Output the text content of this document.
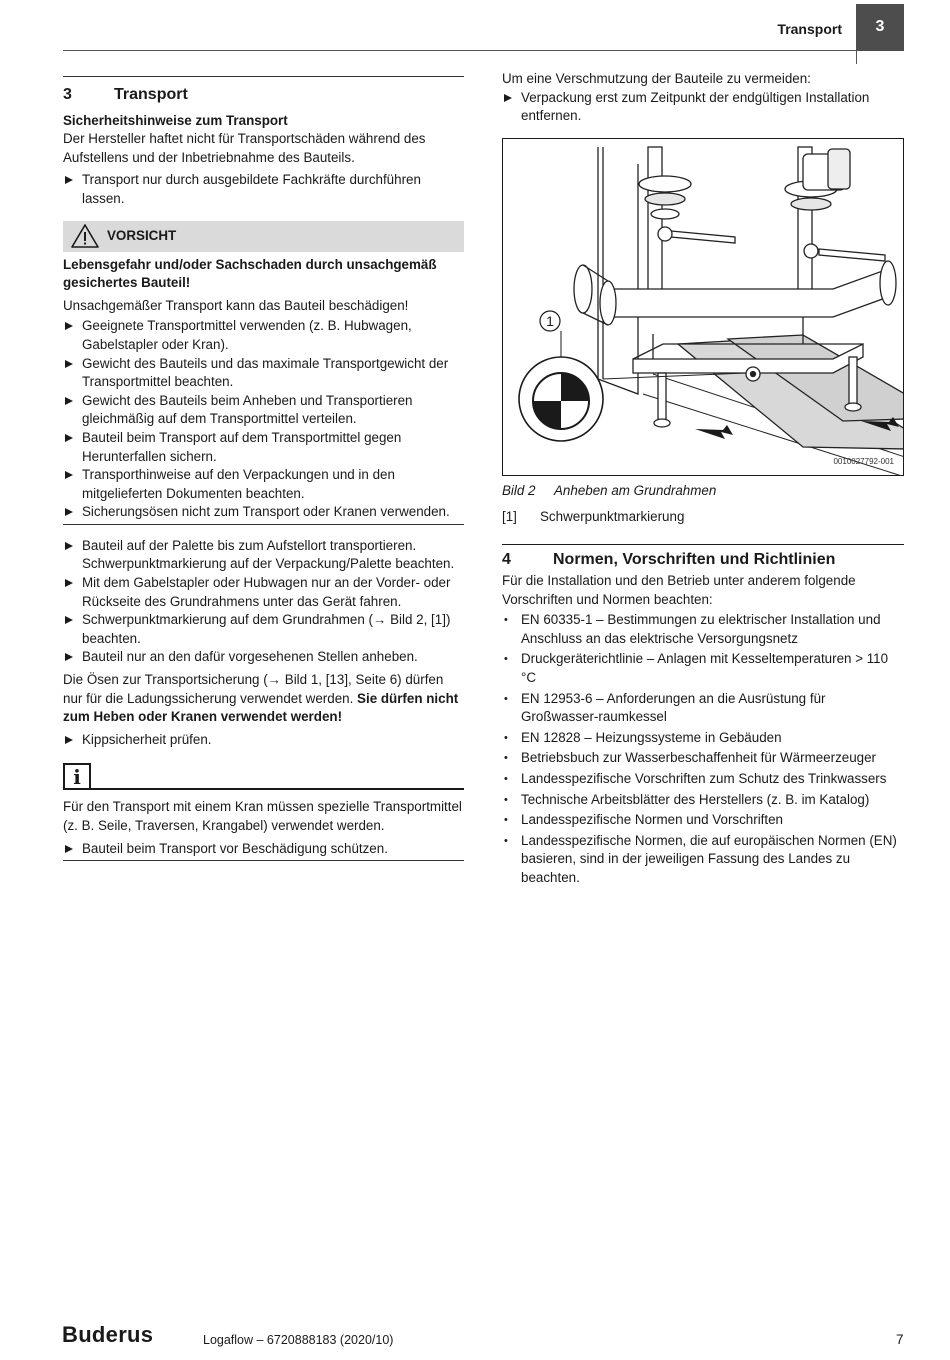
Transport	3
3	Transport

Sicherheitshinweise zum Transport

Der Hersteller haftet nicht für Transportschäden während des Aufstellens und der Inbetriebnahme des Bauteils.

Transport nur durch ausgebildete Fachkräfte durchführen lassen.
VORSICHT

Lebensgefahr und/oder Sachschaden durch unsachgemäß gesichertes Bauteil!

Unsachgemäßer Transport kann das Bauteil beschädigen!

Geeignete Transportmittel verwenden (z. B. Hubwagen, Gabelstapler oder Kran).
Gewicht des Bauteils und das maximale Transportgewicht der Transportmittel beachten.
Gewicht des Bauteils beim Anheben und Transportieren gleichmäßig auf dem Transportmittel verteilen.
Bauteil beim Transport auf dem Transportmittel gegen Herunterfallen sichern.
Transporthinweise auf den Verpackungen und in den mitgelieferten Dokumenten beachten.
Sicherungsösen nicht zum Transport oder Kranen verwenden.
Bauteil auf der Palette bis zum Aufstellort transportieren. Schwerpunktmarkierung auf der Verpackung/Palette beachten.
Mit dem Gabelstapler oder Hubwagen nur an der Vorder- oder Rückseite des Grundrahmens unter das Gerät fahren.
Schwerpunktmarkierung auf dem Grundrahmen (→ Bild 2, [1]) beachten.
Bauteil nur an den dafür vorgesehenen Stellen anheben.

Die Ösen zur Transportsicherung (→ Bild 1, [13], Seite 6) dürfen nur für die Ladungssicherung verwendet werden. Sie dürfen nicht zum Heben oder Kranen verwendet werden!

Kippsicherheit prüfen.
i

Für den Transport mit einem Kran müssen spezielle Transportmittel (z. B. Seile, Traversen, Krangabel) verwendet werden.

Bauteil beim Transport vor Beschädigung schützen.

Um eine Verschmutzung der Bauteile zu vermeiden:

Verpackung erst zum Zeitpunkt der endgültigen Installation entfernen.
1
0010027792-001
Bild 2	Anheben am Grundrahmen
[1]	Schwerpunktmarkierung
4	Normen, Vorschriften und Richtlinien

Für die Installation und den Betrieb unter anderem folgende Vorschriften und Normen beachten:

• EN 60335-1 – Bestimmungen zu elektrischer Installation und Anschluss an das elektrische Versorgungsnetz
• Druckgeräterichtlinie – Anlagen mit Kesseltemperaturen > 110 °C
• EN 12953-6 – Anforderungen an die Ausrüstung für Großwasser-raumkessel
• EN 12828 – Heizungssysteme in Gebäuden
• Betriebsbuch zur Wasserbeschaffenheit für Wärmeerzeuger
• Landesspezifische Vorschriften zum Schutz des Trinkwassers
• Technische Arbeitsblätter des Herstellers (z. B. im Katalog)
• Landesspezifische Normen und Vorschriften
• Landesspezifische Normen, die auf europäischen Normen (EN) basieren, sind in der jeweiligen Fassung des Landes zu beachten.
Buderus	Logaflow – 6720888183 (2020/10)	7
